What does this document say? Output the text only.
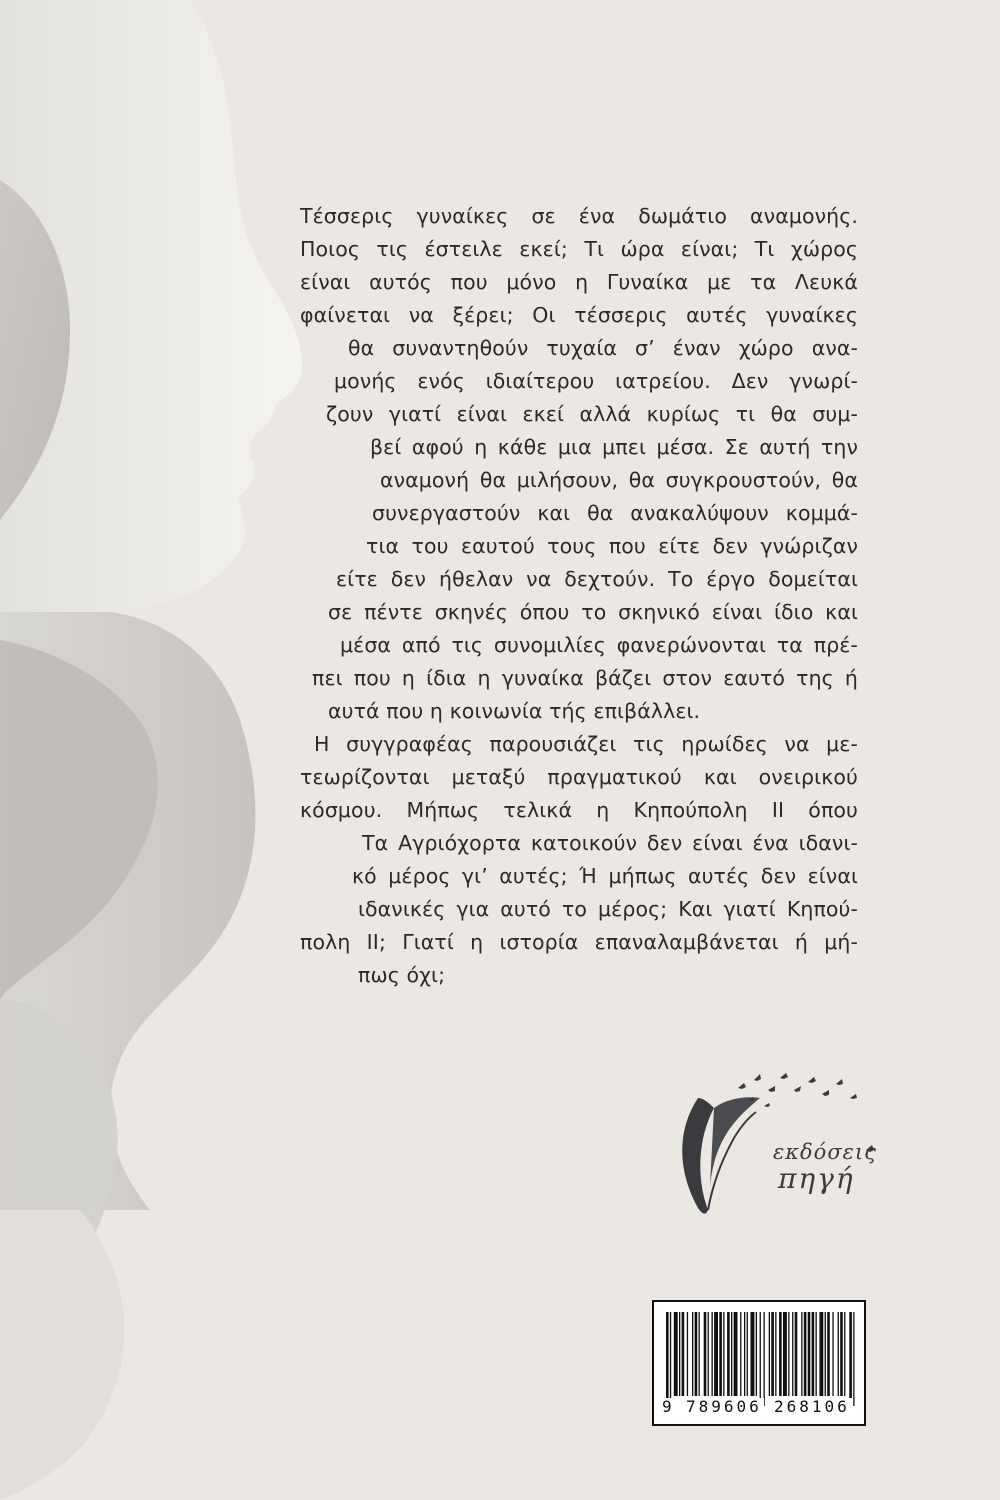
Τέσσερις γυναίκες σε ένα δωμάτιο αναμονής.
Ποιος τις έστειλε εκεί; Τι ώρα είναι; Τι χώρος
είναι αυτός που μόνο η Γυναίκα με τα Λευκά
φαίνεται να ξέρει; Οι τέσσερις αυτές γυναίκες
θα συναντηθούν τυχαία σ’ έναν χώρο ανα-
μονής ενός ιδιαίτερου ιατρείου. Δεν γνωρί-
ζουν γιατί είναι εκεί αλλά κυρίως τι θα συμ-
βεί αφού η κάθε μια μπει μέσα. Σε αυτή την
αναμονή θα μιλήσουν, θα συγκρουστούν, θα
συνεργαστούν και θα ανακαλύψουν κομμά-
τια του εαυτού τους που είτε δεν γνώριζαν
είτε δεν ήθελαν να δεχτούν. Το έργο δομείται
σε πέντε σκηνές όπου το σκηνικό είναι ίδιο και
μέσα από τις συνομιλίες φανερώνονται τα πρέ-
πει που η ίδια η γυναίκα βάζει στον εαυτό της ή
αυτά που η κοινωνία τής επιβάλλει.
Η συγγραφέας παρουσιάζει τις ηρωίδες να με-
τεωρίζονται μεταξύ πραγματικού και ονειρικού
κόσμου. Μήπως τελικά η Κηπούπολη ΙΙ όπου
Τα Αγριόχορτα κατοικούν δεν είναι ένα ιδανι-
κό μέρος γι’ αυτές; Ή μήπως αυτές δεν είναι
ιδανικές για αυτό το μέρος; Και γιατί Κηπού-
πολη ΙΙ; Γιατί η ιστορία επαναλαμβάνεται ή μή-
πως όχι;
εκδόσεις
πηγή
9 789606 268106
